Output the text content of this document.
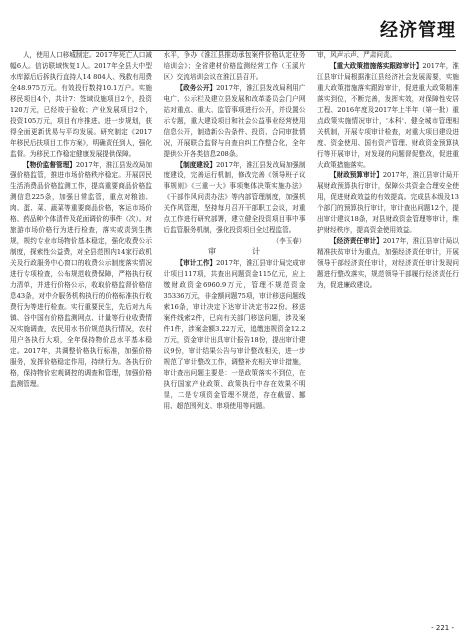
经济管理

人，使用人口移城制定。2017年死亡人口减幅6人。信访联域恢复1人。2017年全县大中型水库源后后拆执行直持人14 804人、残救有用费全48.975万元。有效投行数持10.1万户。实施移民项目4个，共计7：签域设施项目2个，投资120万元，已经竣于验收；产业发展项目2个，投资105万元，项目有序推进。进一步规划，获得全面更新优易与平均发展。研究制定《2017年移民后扶项目工作方案》，明确责任到人，强化监督。为移民工作稳定健康发展提供保障。

【物价监督管理】2017年，淮江县发改局加强价格监管，推进市场价格秩序稳定。开展居民生活消费品价格监测工作，提高重要商品价格监测信息225条，加强日常监管，重点对粮油、肉、蛋、菜、蔬菜等重要商品价格，客运市场价格、药品种个体清件及花面调价的事件（次）。对旅游市场价格行为进行检查，落实或责到生携规，规约专业市场物价基本稳定，强化收费公示制度，探索性公益费，对全县范围内14家行政机关及行政服务中心窗口的收费公示制度落实情况进行专项检查，公布规范收费保障，严格执行权力清单，并进行价格公示，收取价格监督价格信息43条，对中介服务机构执行的价格标准执行收费行为等进行检查。实行重要民生，先后对九兵镇、谷中国有价格监测网点、计量等行业收费情况实施调查，农民用水书价规范执行情况，农村用户各执行大项，全年保持物价总水平基本稳定。2017年，共调整价格执行标准，加强价格服务，发挥价格稳定作用，持续行为。各执行价格，保持物价宏观调控的调查和管理，加强价格监测管理。

水平，争办《淮江县推动承包案件价格认定业务培训会》；全省建材价格监测经营工作（玉溪片区）交流培训会议在淮江县召开。

【政务公开】2017年，淮江县发改局利用广电广、公示栏及建立县发展和改革委员会门户网站对重点、重大、监管事项进行公开，并设置公示专题，重大建设项目和社会公益事业经营使用信息公开，制造新公告条件、投资、合同审批情况，开展联合监督与自查自纠工作整合化，全年提供公开各类信息208条。

【制度建设】2017年，淮江县发改局加强制度建设，完善运行机制，修改完善《领导班子议事规则》《三重一大》事项集体决策实施办法》《干部作风问责办法》等内部管理制度，加强机关作风管理，坚持每月召开干部职工会议，对重点工作进行研究部署，建立健全投资项目事中事后监管服务机制，强化投资项目全过程监管。

（李玉春）

审　计

【审计工作】2017年，淮江县审计局完成审计项目117项，共查出问题资金115亿元，应上缴财政资金6960.9万元，管理不规范资金35336万元，非金额问题75项，审计移送问题线索16条，审计决定下达审计决定书22份。移送案件线索2件，已向有关部门移送问题，涉及案件1件，涉案金额3.22万元，追缴违规资金12.2万元，资金审计出具审计报告18份，提出审计建议9份，审计结果公告与审计整改相关，进一步规范了审计整改工作，调整补充相关审计措施，审计查出问题主要是：一是政策落实不到位，在执行国家产业政策、政策执行中存在效果不明显，二是专项资金管理不规范，存在截留、挪用、超范围列支、串项使用等问题。

审，风声示声、严肃问责。

【重大政策措施落实跟踪审计】2017年，淮江县审计局根据淮江县经济社会发展需要，实施重大政策措施落实跟踪审计，促进重大政策精准落实到位，不断完善，发挥实效，对保障性安居工程、2016年度及2017年上半年（第一批）重点政策实施情况审计，'本科'、健全城市管理相关机制，开展专项审计检查，对重大项目建设进度、资金使用、国有资产管理、财政资金预算执行等开展审计，对发现的问题督促整改，促进重大政策措施落实。

【财政预算审计】2017年，淮江县审计局开展财政预算执行审计，保障公共资金合理安全使用，促进财政效益的有效提高。完成县本级及13个部门的预算执行审计，审计查出问题12个，提出审计建议18条，对县财政资金管理等审计，维护财经秩序，提高资金使用效益。

【经济责任审计】2017年，淮江县审计局以精准扶贫审计为重点，加强经济责任审计，开展领导干部经济责任审计，对经济责任审计发现问题进行整改落实，规范领导干部履行经济责任行为，促进廉政建设。

- 221 -
